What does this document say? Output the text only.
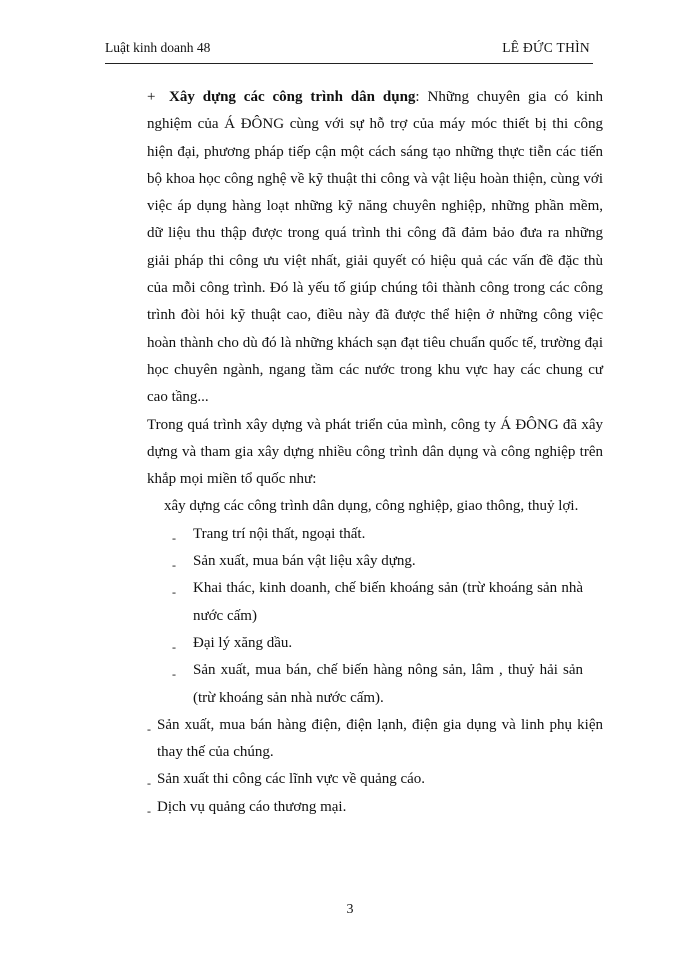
Luật kinh doanh 48	LÊ ĐỨC THÌN

+ Xây dựng các công trình dân dụng: Những chuyên gia có kinh nghiệm của Á ĐÔNG cùng với sự hỗ trợ của máy móc thiết bị thi công hiện đại, phương pháp tiếp cận một cách sáng tạo những thực tiễn các tiến bộ khoa học công nghệ về kỹ thuật thi công và vật liệu hoàn thiện, cùng với việc áp dụng hàng loạt những kỹ năng chuyên nghiệp, những phần mềm, dữ liệu thu thập được trong quá trình thi công đã đảm bảo đưa ra những giải pháp thi công ưu việt nhất, giải quyết có hiệu quả các vấn đề đặc thù của mỗi công trình. Đó là yếu tố giúp chúng tôi thành công trong các công trình đòi hỏi kỹ thuật cao, điều này đã được thể hiện ở những công việc hoàn thành cho dù đó là những khách sạn đạt tiêu chuẩn quốc tế, trường đại học chuyên ngành, ngang tầm các nước trong khu vực hay các chung cư cao tầng...

Trong quá trình xây dựng và phát triển của mình, công ty Á ĐÔNG đã xây dựng và tham gia xây dựng nhiều công trình dân dụng và công nghiệp trên khắp mọi miền tổ quốc như:

xây dựng các công trình dân dụng, công nghiệp, giao thông, thuỷ lợi.

- Trang trí nội thất, ngoại thất.
- Sản xuất, mua bán vật liệu xây dựng.
- Khai thác, kinh doanh, chế biến khoáng sản (trừ khoáng sản nhà nước cấm)
- Đại lý xăng dầu.
- Sản xuất, mua bán, chế biến hàng nông sản, lâm , thuỷ hải sản (trừ khoáng sản nhà nước cấm).
- Sản xuất, mua bán hàng điện, điện lạnh, điện gia dụng và linh phụ kiện thay thế của chúng.
- Sản xuất thi công các lĩnh vực về quảng cáo.
- Dịch vụ quảng cáo thương mại.
3
